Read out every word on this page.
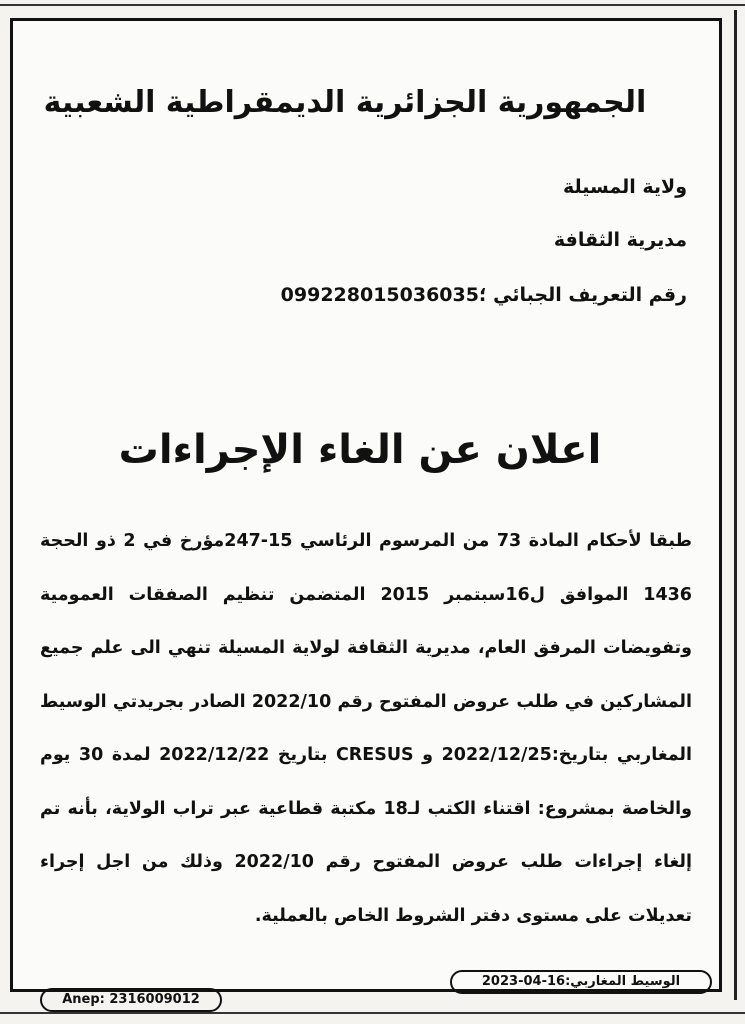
الجمهورية الجزائرية الديمقراطية الشعبية
ولاية المسيلة
مديرية الثقافة
رقم التعريف الجبائي ؛099228015036035
اعلان عن الغاء الإجراءات
طبقا لأحكام المادة 73 من المرسوم الرئاسي 15-247مؤرخ في 2 ذو الحجة 1436 الموافق ل16سبتمبر 2015 المتضمن تنظيم الصفقات العمومية وتفويضات المرفق العام، مديرية الثقافة لولاية المسيلة تنهي الى علم جميع المشاركين في طلب عروض المفتوح رقم 2022/10 الصادر بجريدتي الوسيط المغاربي بتاريخ:2022/12/25 و CRESUS بتاريخ 2022/12/22 لمدة 30 يوم والخاصة بمشروع: اقتناء الكتب لـ18 مكتبة قطاعية عبر تراب الولاية، بأنه تم إلغاء إجراءات طلب عروض المفتوح رقم 2022/10 وذلك من اجل إجراء تعديلات على مستوى دفتر الشروط الخاص بالعملية.
الوسيط المغاربي:16-04-2023
Anep: 2316009012
